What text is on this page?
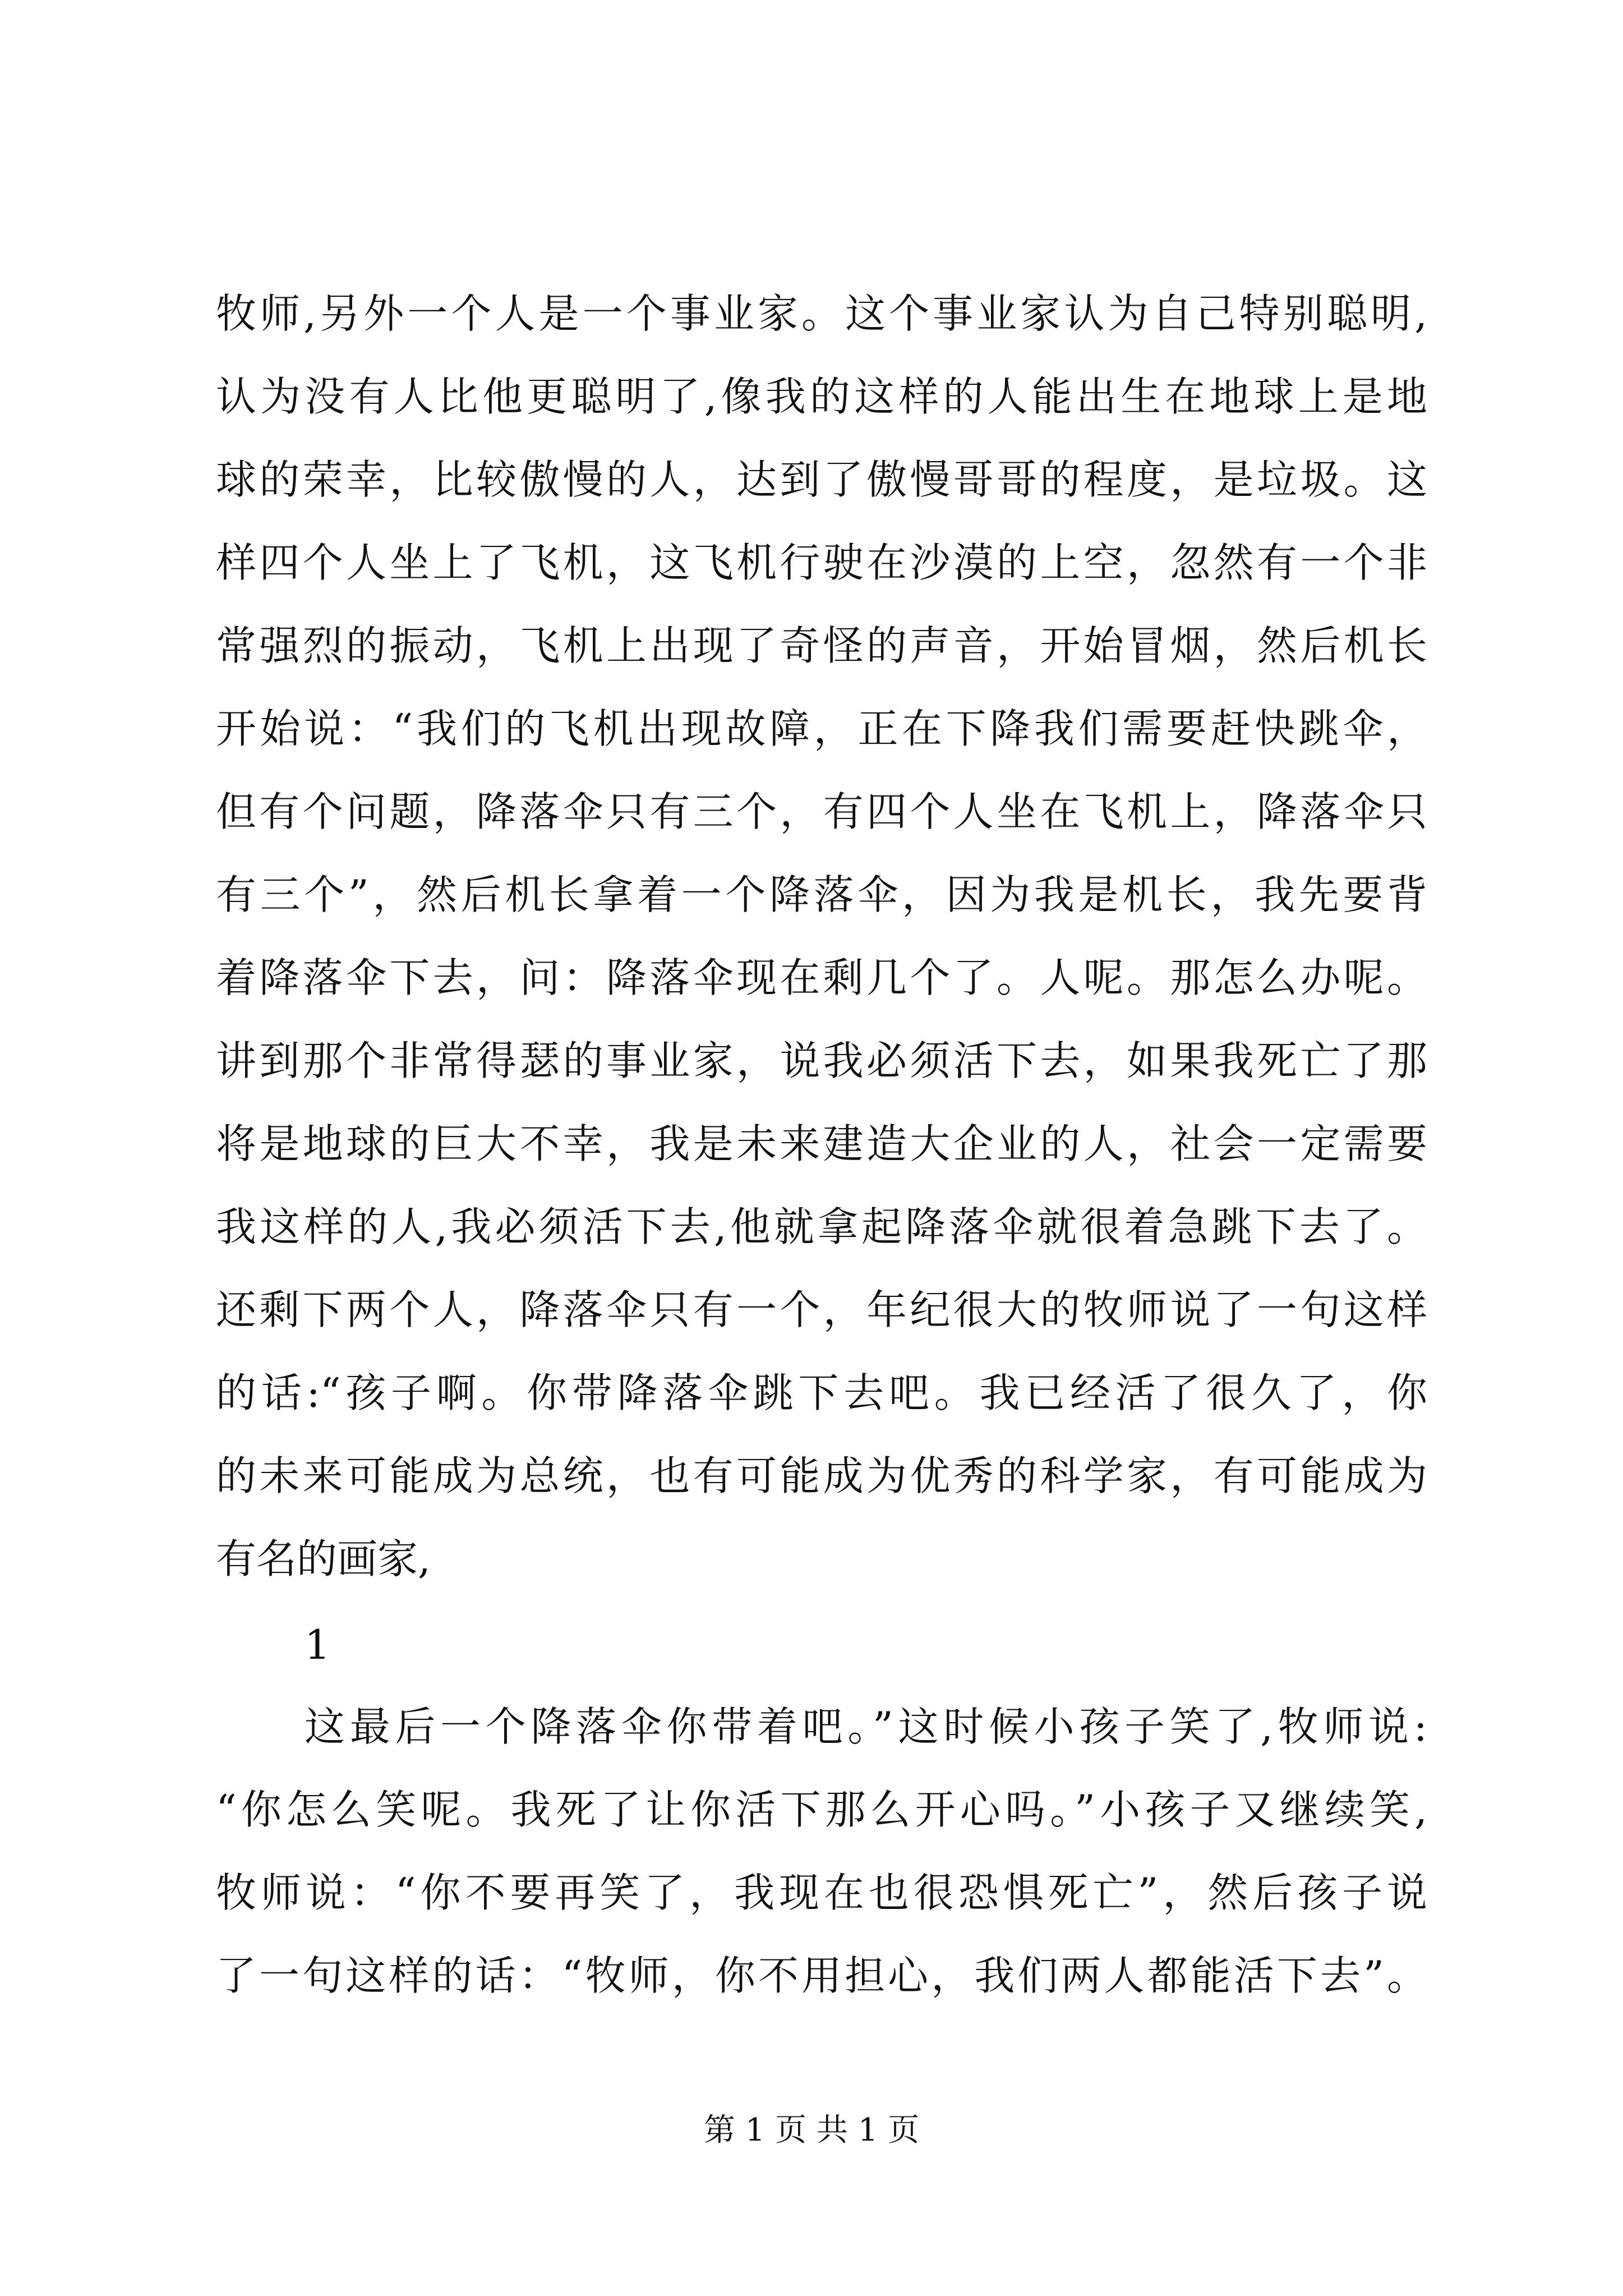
牧师,另外一个人是一个事业家。这个事业家认为自己特别聪明,
认为没有人比他更聪明了,像我的这样的人能出生在地球上是地
球的荣幸，比较傲慢的人，达到了傲慢哥哥的程度，是垃圾。这
样四个人坐上了飞机，这飞机行驶在沙漠的上空，忽然有一个非
常强烈的振动，飞机上出现了奇怪的声音，开始冒烟，然后机长
开始说：“我们的飞机出现故障，正在下降我们需要赶快跳伞，
但有个问题，降落伞只有三个，有四个人坐在飞机上，降落伞只
有三个”，然后机长拿着一个降落伞，因为我是机长，我先要背
着降落伞下去，问：降落伞现在剩几个了。人呢。那怎么办呢。
讲到那个非常得瑟的事业家，说我必须活下去，如果我死亡了那
将是地球的巨大不幸，我是未来建造大企业的人，社会一定需要
我这样的人,我必须活下去,他就拿起降落伞就很着急跳下去了。
还剩下两个人，降落伞只有一个，年纪很大的牧师说了一句这样
的话:“孩子啊。你带降落伞跳下去吧。我已经活了很久了，你
的未来可能成为总统，也有可能成为优秀的科学家，有可能成为
有名的画家,
1
这最后一个降落伞你带着吧。”这时候小孩子笑了,牧师说:
“你怎么笑呢。我死了让你活下那么开心吗。”小孩子又继续笑,
牧师说：“你不要再笑了，我现在也很恐惧死亡”，然后孩子说
了一句这样的话：“牧师，你不用担心，我们两人都能活下去”。
第 1 页 共 1 页
